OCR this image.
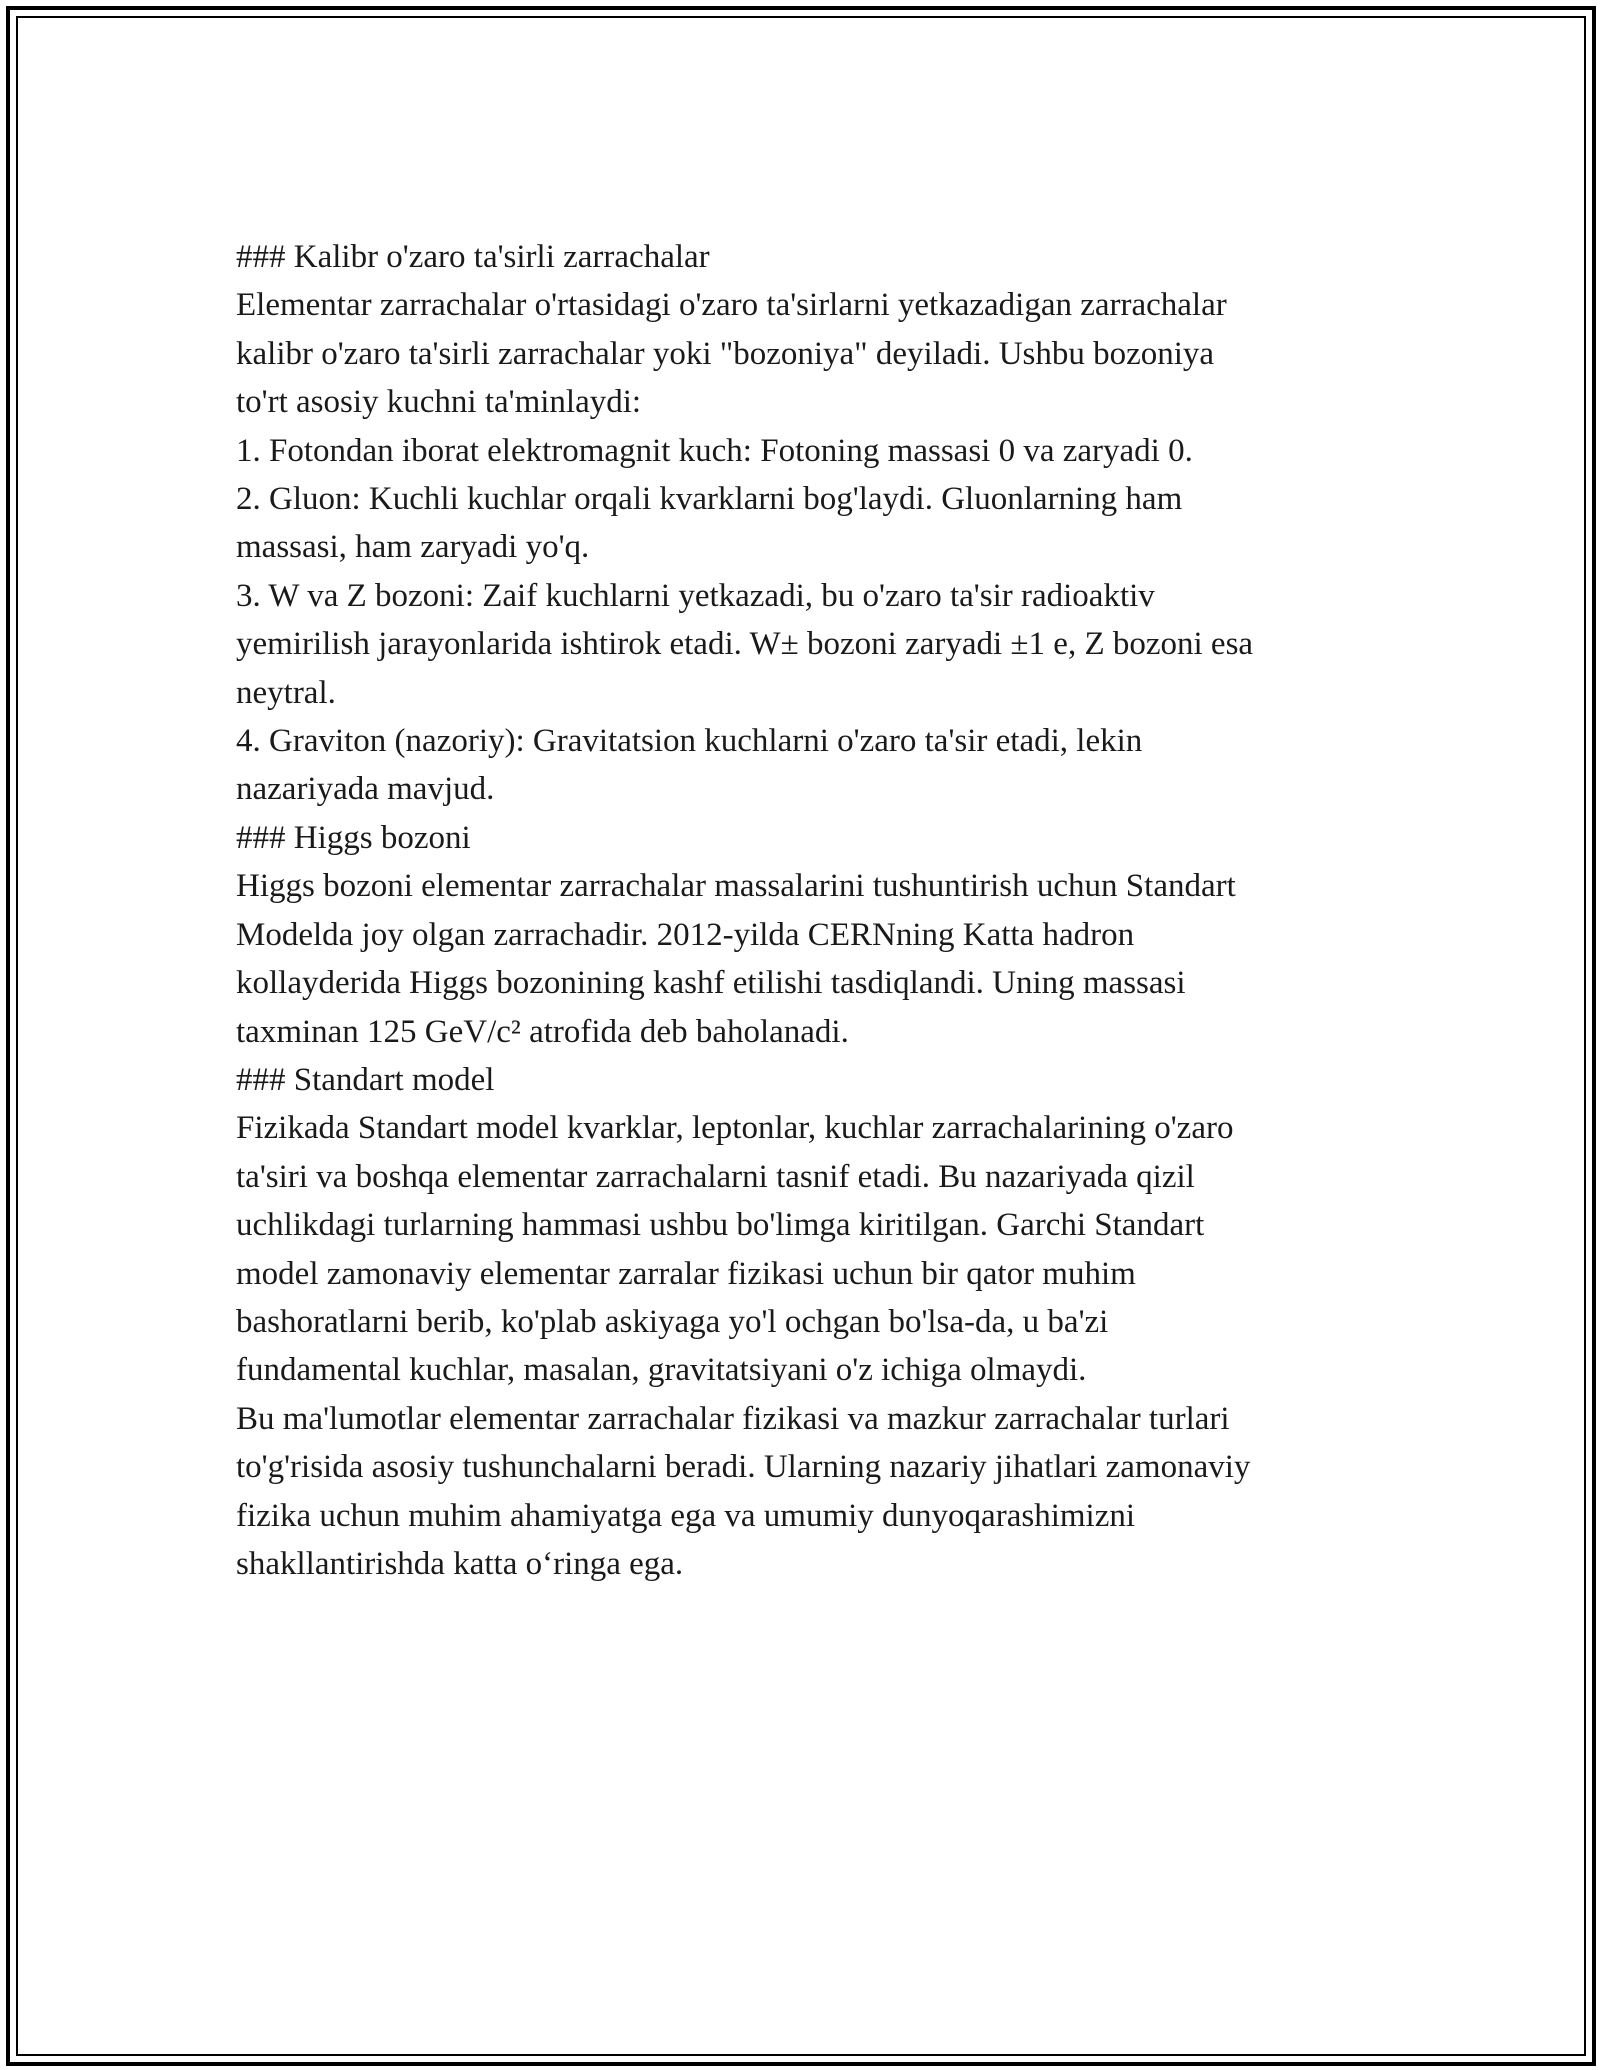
### Kalibr o'zaro ta'sirli zarrachalar

Elementar zarrachalar o'rtasidagi o'zaro ta'sirlarni yetkazadigan zarrachalar
kalibr o'zaro ta'sirli zarrachalar yoki "bozoniya" deyiladi. Ushbu bozoniya
to'rt asosiy kuchni ta'minlaydi:
1. Fotondan iborat elektromagnit kuch: Fotoning massasi 0 va zaryadi 0.
2. Gluon: Kuchli kuchlar orqali kvarklarni bog'laydi. Gluonlarning ham
massasi, ham zaryadi yo'q.
3. W va Z bozoni: Zaif kuchlarni yetkazadi, bu o'zaro ta'sir radioaktiv
yemirilish jarayonlarida ishtirok etadi. W± bozoni zaryadi ±1 e, Z bozoni esa
neytral.
4. Graviton (nazoriy): Gravitatsion kuchlarni o'zaro ta'sir etadi, lekin
nazariyada mavjud.

### Higgs bozoni

Higgs bozoni elementar zarrachalar massalarini tushuntirish uchun Standart
Modelda joy olgan zarrachadir. 2012-yilda CERNning Katta hadron
kollayderida Higgs bozonining kashf etilishi tasdiqlandi. Uning massasi
taxminan 125 GeV/c² atrofida deb baholanadi.

### Standart model

Fizikada Standart model kvarklar, leptonlar, kuchlar zarrachalarining o'zaro
ta'siri va boshqa elementar zarrachalarni tasnif etadi. Bu nazariyada qizil
uchlikdagi turlarning hammasi ushbu bo'limga kiritilgan. Garchi Standart
model zamonaviy elementar zarralar fizikasi uchun bir qator muhim
bashoratlarni berib, ko'plab askiyaga yo'l ochgan bo'lsa-da, u ba'zi
fundamental kuchlar, masalan, gravitatsiyani o'z ichiga olmaydi.

Bu ma'lumotlar elementar zarrachalar fizikasi va mazkur zarrachalar turlari
to'g'risida asosiy tushunchalarni beradi. Ularning nazariy jihatlari zamonaviy
fizika uchun muhim ahamiyatga ega va umumiy dunyoqarashimizni
shakllantirishda katta o‘ringa ega.
